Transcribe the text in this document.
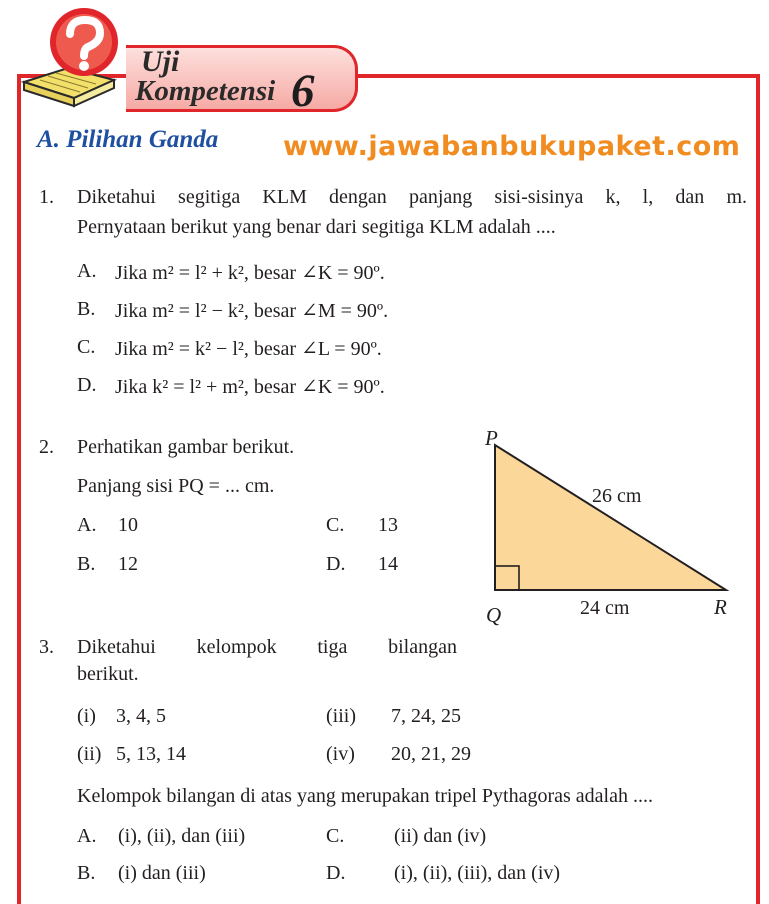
Uji
Kompetensi 6
A. Pilihan Ganda www.jawabanbukupaket.com
1. Diketahui segitiga KLM dengan panjang sisi-sisinya k, l, dan m.
Pernyataan berikut yang benar dari segitiga KLM adalah ....
A. Jika m² = l² + k², besar ∠K = 90º.
B. Jika m² = l² − k², besar ∠M = 90º.
C. Jika m² = k² − l², besar ∠L = 90º.
D. Jika k² = l² + m², besar ∠K = 90º.
2. Perhatikan gambar berikut.
Panjang sisi PQ = ... cm.
A. 10	C. 13
B. 12	D. 14
P
Q	R
26 cm
24 cm
3. Diketahui kelompok tiga bilangan
berikut.
(i) 3, 4, 5	(iii) 7, 24, 25
(ii) 5, 13, 14	(iv) 20, 21, 29
Kelompok bilangan di atas yang merupakan tripel Pythagoras adalah ....
A. (i), (ii), dan (iii)	C. (ii) dan (iv)
B. (i) dan (iii)	D. (i), (ii), (iii), dan (iv)
